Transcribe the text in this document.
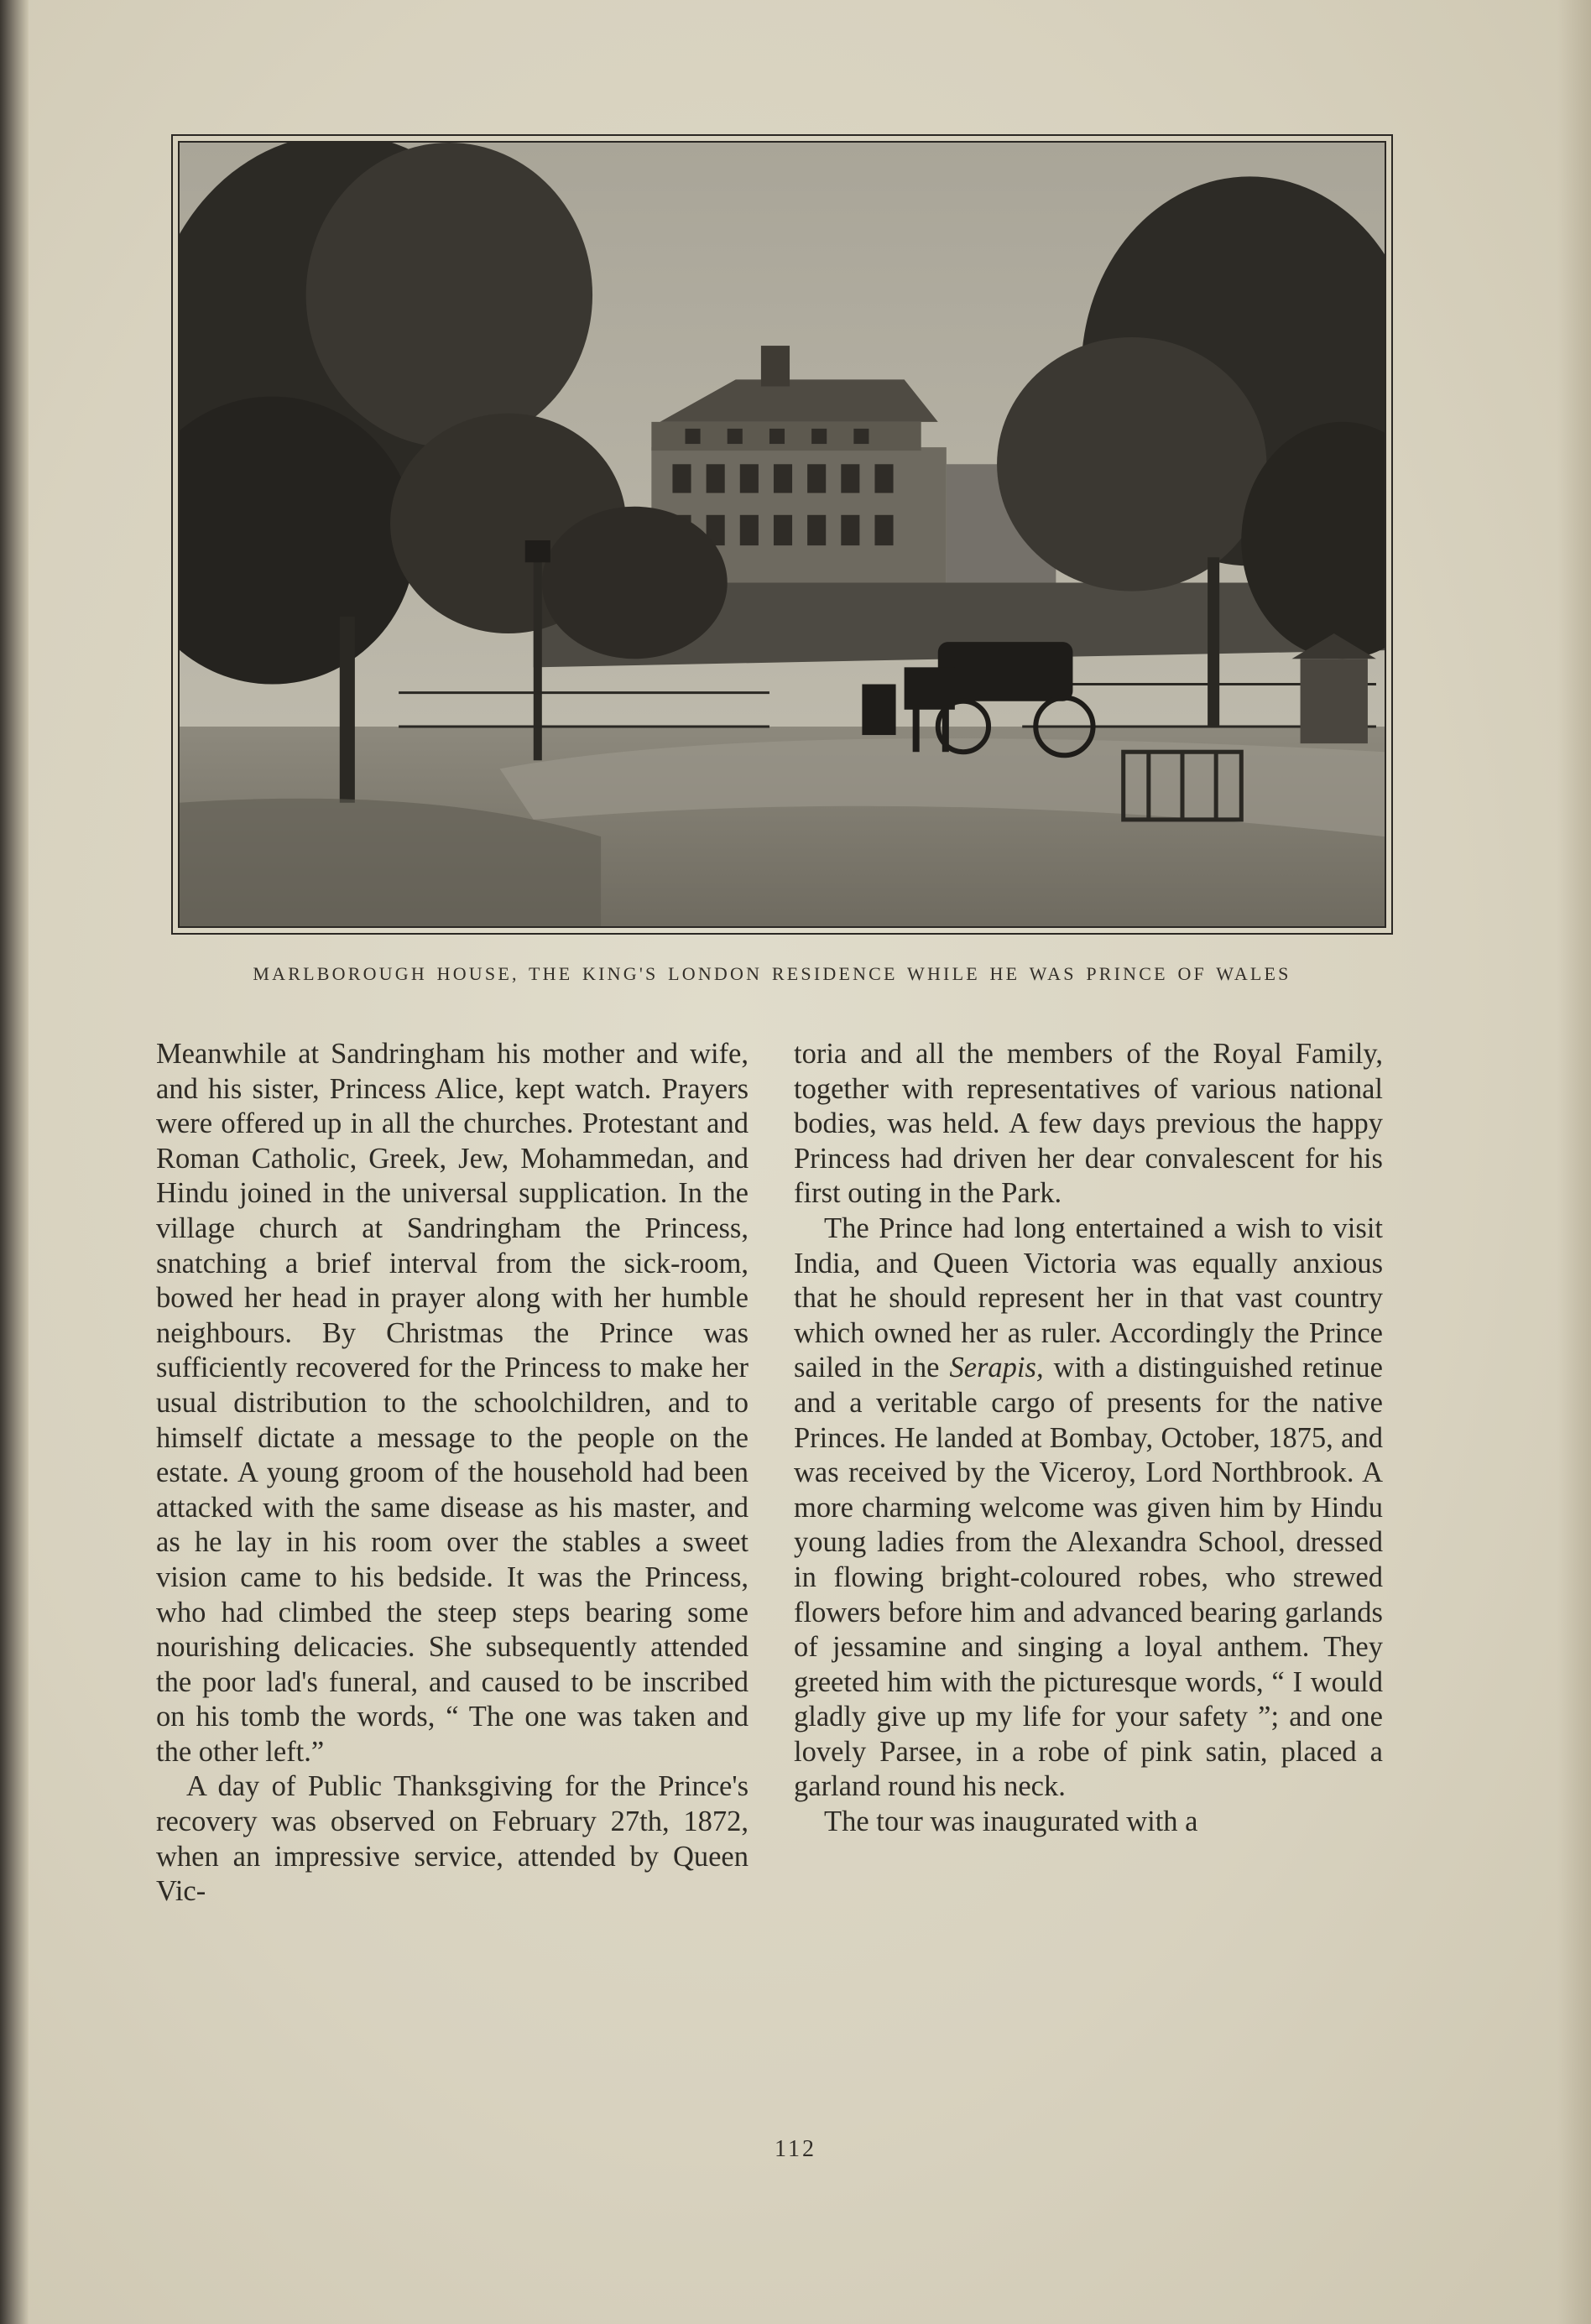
MARLBOROUGH HOUSE, THE KING'S LONDON RESIDENCE WHILE HE WAS PRINCE OF WALES

Meanwhile at Sandringham his mother and wife, and his sister, Princess Alice, kept watch. Prayers were offered up in all the churches. Protestant and Roman Catholic, Greek, Jew, Mohammedan, and Hindu joined in the universal supplication. In the village church at Sandringham the Princess, snatching a brief interval from the sick-room, bowed her head in prayer along with her humble neighbours. By Christmas the Prince was sufficiently recovered for the Princess to make her usual distribution to the schoolchildren, and to himself dictate a message to the people on the estate. A young groom of the household had been attacked with the same disease as his master, and as he lay in his room over the stables a sweet vision came to his bedside. It was the Princess, who had climbed the steep steps bearing some nourishing delicacies. She subsequently attended the poor lad's funeral, and caused to be inscribed on his tomb the words, “ The one was taken and the other left.”

A day of Public Thanksgiving for the Prince's recovery was observed on February 27th, 1872, when an impressive service, attended by Queen Vic-

toria and all the members of the Royal Family, together with representatives of various national bodies, was held. A few days previous the happy Princess had driven her dear convalescent for his first outing in the Park.

The Prince had long entertained a wish to visit India, and Queen Victoria was equally anxious that he should represent her in that vast country which owned her as ruler. Accordingly the Prince sailed in the Serapis, with a distinguished retinue and a veritable cargo of presents for the native Princes. He landed at Bombay, October, 1875, and was received by the Viceroy, Lord Northbrook. A more charming welcome was given him by Hindu young ladies from the Alexandra School, dressed in flowing bright-coloured robes, who strewed flowers before him and advanced bearing garlands of jessamine and singing a loyal anthem. They greeted him with the picturesque words, “ I would gladly give up my life for your safety ”; and one lovely Parsee, in a robe of pink satin, placed a garland round his neck.

The tour was inaugurated with a

112
